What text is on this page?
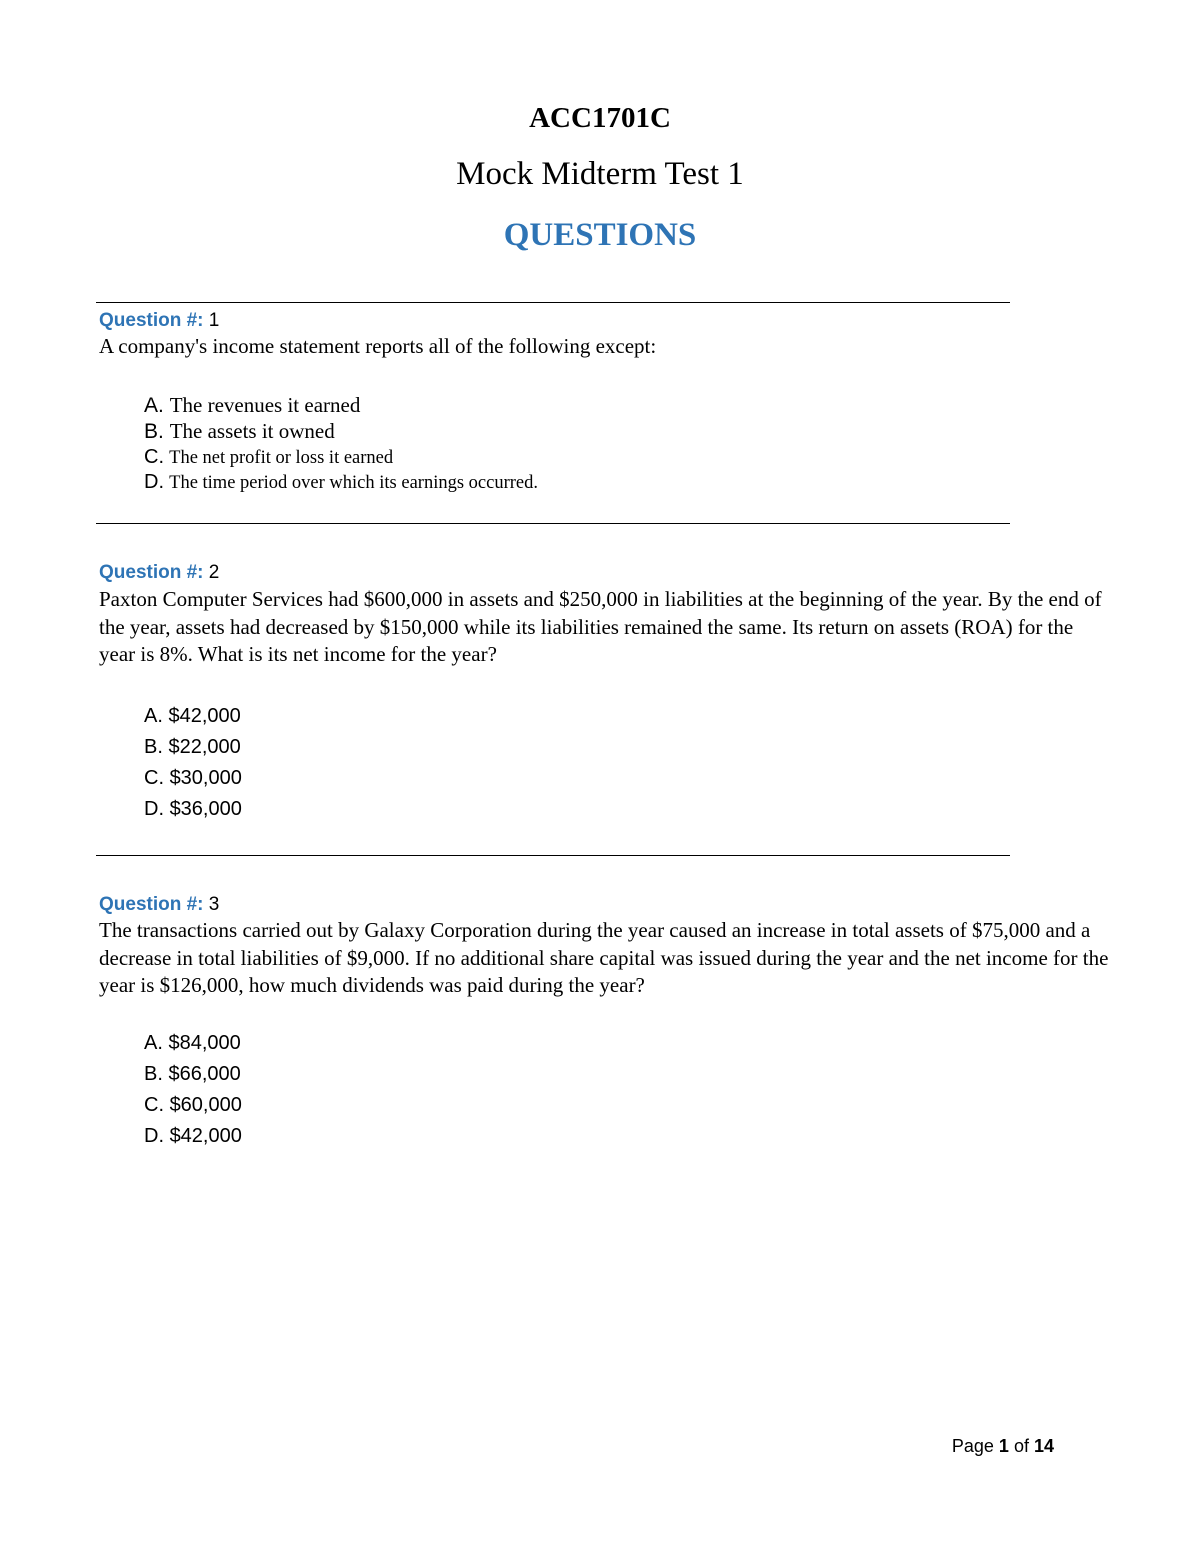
ACC1701C
Mock Midterm Test 1
QUESTIONS
Question #: 1
A company's income statement reports all of the following except:
A. The revenues it earned
B. The assets it owned
C. The net profit or loss it earned
D. The time period over which its earnings occurred.
Question #: 2
Paxton Computer Services had $600,000 in assets and $250,000 in liabilities at the beginning of the year. By the end of the year, assets had decreased by $150,000 while its liabilities remained the same. Its return on assets (ROA) for the year is 8%. What is its net income for the year?
A. $42,000
B. $22,000
C. $30,000
D. $36,000
Question #: 3
The transactions carried out by Galaxy Corporation during the year caused an increase in total assets of $75,000 and a decrease in total liabilities of $9,000. If no additional share capital was issued during the year and the net income for the year is $126,000, how much dividends was paid during the year?
A. $84,000
B. $66,000
C. $60,000
D. $42,000
Page 1 of 14
